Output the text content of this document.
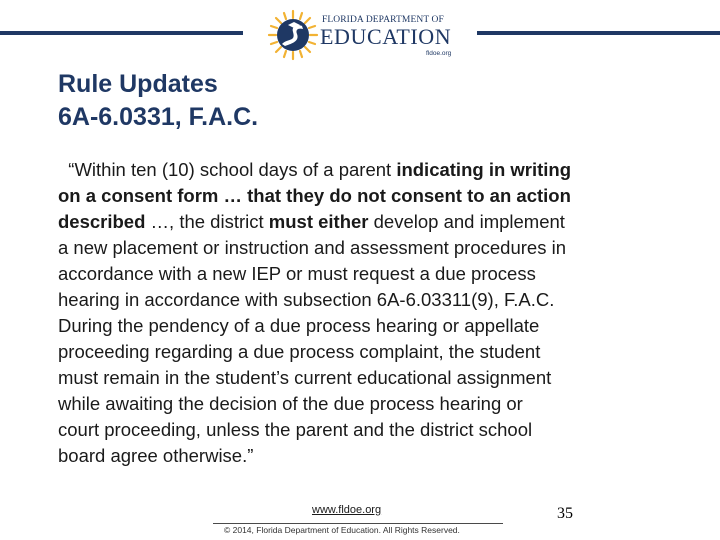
FLORIDA DEPARTMENT OF
EDUCATION
fldoe.org
Rule Updates
6A-6.0331, F.A.C.
“Within ten (10) school days of a parent indicating in writing
on a consent form … that they do not consent to an action
described …, the district must either develop and implement
a new placement or instruction and assessment procedures in
accordance with a new IEP or must request a due process
hearing in accordance with subsection 6A-6.03311(9), F.A.C.
During the pendency of a due process hearing or appellate
proceeding regarding a due process complaint, the student
must remain in the student’s current educational assignment
while awaiting the decision of the due process hearing or
court proceeding, unless the parent and the district school
board agree otherwise.”
www.fldoe.org
© 2014, Florida Department of Education. All Rights Reserved.
35
